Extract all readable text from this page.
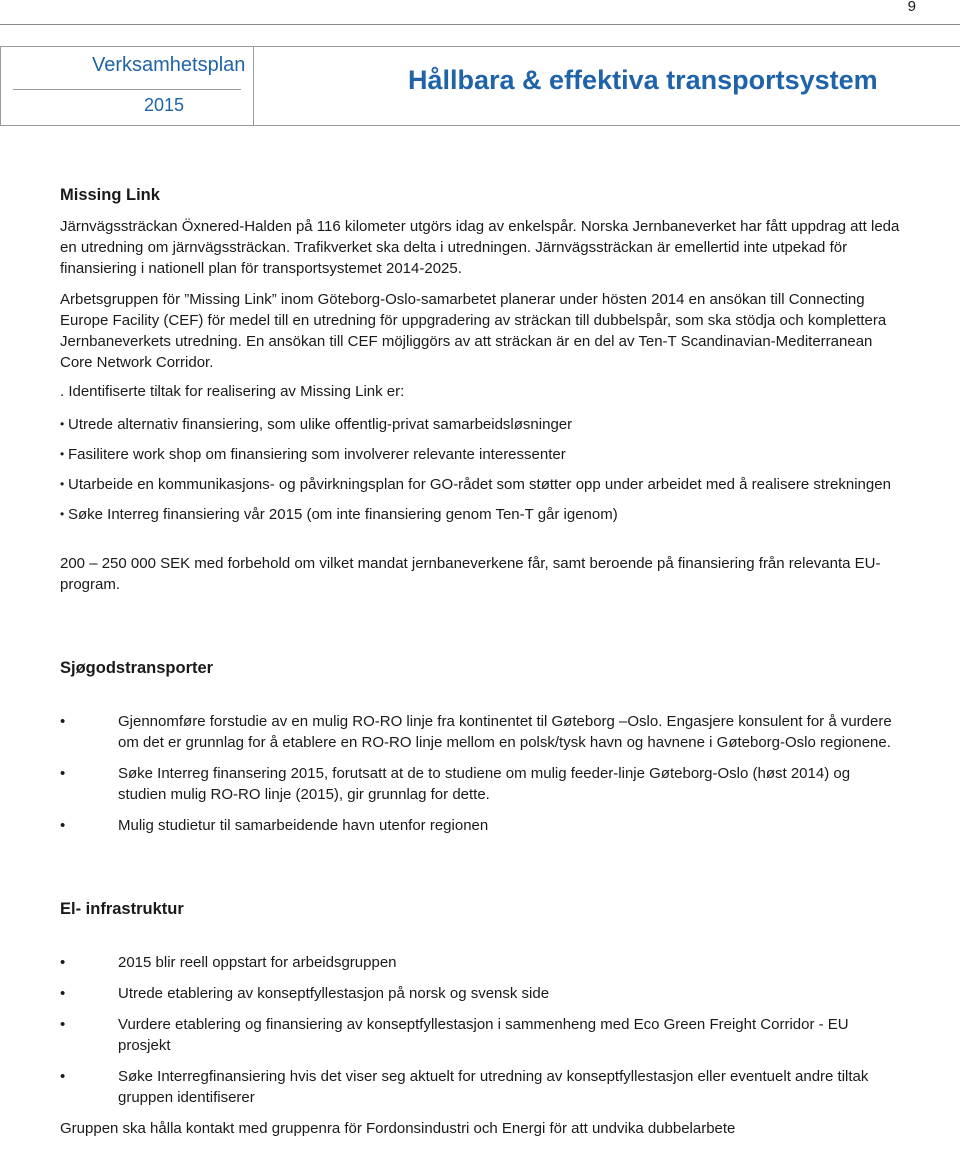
9
Verksamhetsplan
2015
Hållbara & effektiva transportsystem
Missing Link

Järnvägssträckan Öxnered-Halden på 116 kilometer utgörs idag av enkelspår. Norska Jernbaneverket har fått uppdrag att leda en utredning om järnvägssträckan. Trafikverket ska delta i utredningen. Järnvägssträckan är emellertid inte utpekad för finansiering i nationell plan för transportsystemet 2014-2025.

Arbetsgruppen för ”Missing Link” inom Göteborg-Oslo-samarbetet planerar under hösten 2014 en ansökan till Connecting Europe Facility (CEF) för medel till en utredning för uppgradering av sträckan till dubbelspår, som ska stödja och komplettera Jernbaneverkets utredning. En ansökan till CEF möjliggörs av att sträckan är en del av Ten-T Scandinavian-Mediterranean Core Network Corridor.

. Identifiserte tiltak for realisering av Missing Link er:

• Utrede alternativ finansiering, som ulike offentlig-privat samarbeidsløsninger
• Fasilitere work shop om finansiering som involverer relevante interessenter
• Utarbeide en kommunikasjons- og påvirkningsplan for GO-rådet som støtter opp under arbeidet med å realisere strekningen
• Søke Interreg finansiering vår 2015 (om inte finansiering genom Ten-T går igenom)

200 – 250 000 SEK med forbehold om vilket mandat jernbaneverkene får, samt beroende på finansiering från relevanta EU-program.

Sjøgodstransporter
•	Gjennomføre forstudie av en mulig RO-RO linje fra kontinentet til Gøteborg –Oslo. Engasjere konsulent for å vurdere om det er grunnlag for å etablere en RO-RO linje mellom en polsk/tysk havn og havnene i Gøteborg-Oslo regionene.
•	Søke Interreg finansering 2015, forutsatt at de to studiene om mulig feeder-linje Gøteborg-Oslo (høst 2014) og studien mulig RO-RO linje (2015), gir grunnlag for dette.
•	Mulig studietur til samarbeidende havn utenfor regionen
El- infrastruktur
•	2015 blir reell oppstart for arbeidsgruppen
•	Utrede etablering av konseptfyllestasjon på norsk og svensk side
•	Vurdere etablering og finansiering av konseptfyllestasjon i sammenheng med Eco Green Freight Corridor - EU prosjekt
•	Søke Interregfinansiering hvis det viser seg aktuelt for utredning av konseptfyllestasjon eller eventuelt andre tiltak gruppen identifiserer

Gruppen ska hålla kontakt med gruppenra för Fordonsindustri och Energi för att undvika dubbelarbete
